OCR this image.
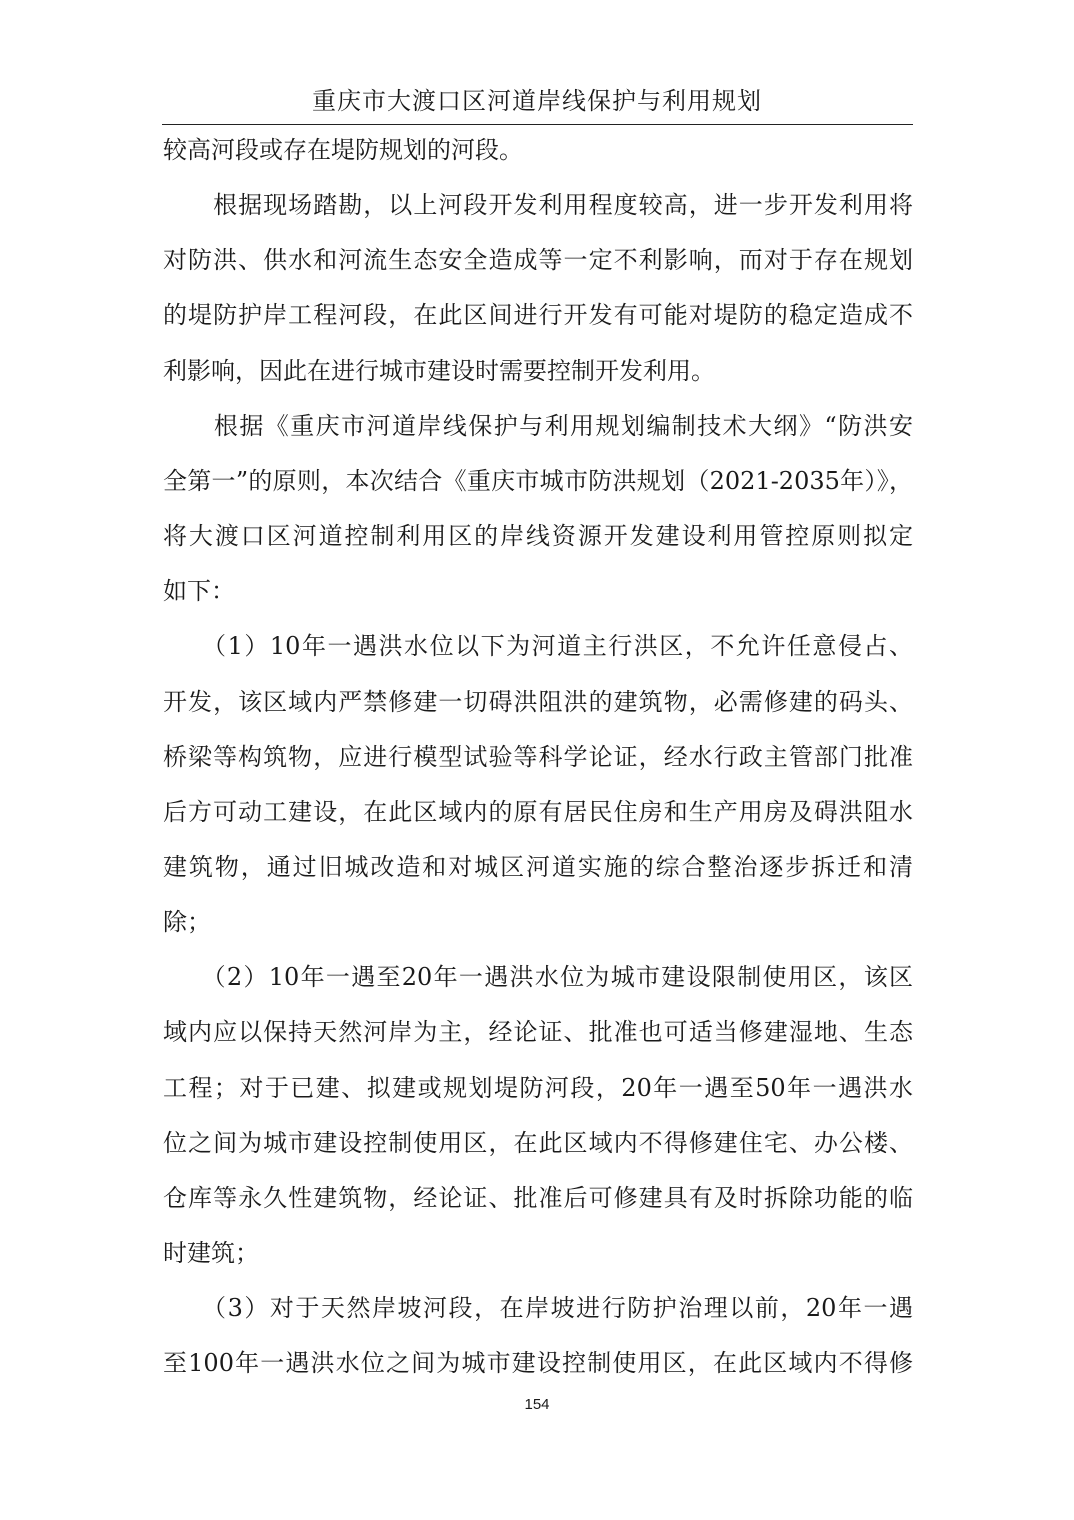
重庆市大渡口区河道岸线保护与利用规划
较高河段或存在堤防规划的河段。
　　根据现场踏勘，以上河段开发利用程度较高，进一步开发利用将
对防洪、供水和河流生态安全造成等一定不利影响，而对于存在规划
的堤防护岸工程河段，在此区间进行开发有可能对堤防的稳定造成不
利影响，因此在进行城市建设时需要控制开发利用。
　　根据《重庆市河道岸线保护与利用规划编制技术大纲》“防洪安
全第一”的原则，本次结合《重庆市城市防洪规划（2021-2035年）》，
将大渡口区河道控制利用区的岸线资源开发建设利用管控原则拟定
如下：
　　（1）10年一遇洪水位以下为河道主行洪区，不允许任意侵占、
开发，该区域内严禁修建一切碍洪阻洪的建筑物，必需修建的码头、
桥梁等构筑物，应进行模型试验等科学论证，经水行政主管部门批准
后方可动工建设，在此区域内的原有居民住房和生产用房及碍洪阻水
建筑物，通过旧城改造和对城区河道实施的综合整治逐步拆迁和清
除；
　　（2）10年一遇至20年一遇洪水位为城市建设限制使用区，该区
域内应以保持天然河岸为主，经论证、批准也可适当修建湿地、生态
工程；对于已建、拟建或规划堤防河段，20年一遇至50年一遇洪水
位之间为城市建设控制使用区，在此区域内不得修建住宅、办公楼、
仓库等永久性建筑物，经论证、批准后可修建具有及时拆除功能的临
时建筑；
　　（3）对于天然岸坡河段，在岸坡进行防护治理以前，20年一遇
至100年一遇洪水位之间为城市建设控制使用区，在此区域内不得修
154
